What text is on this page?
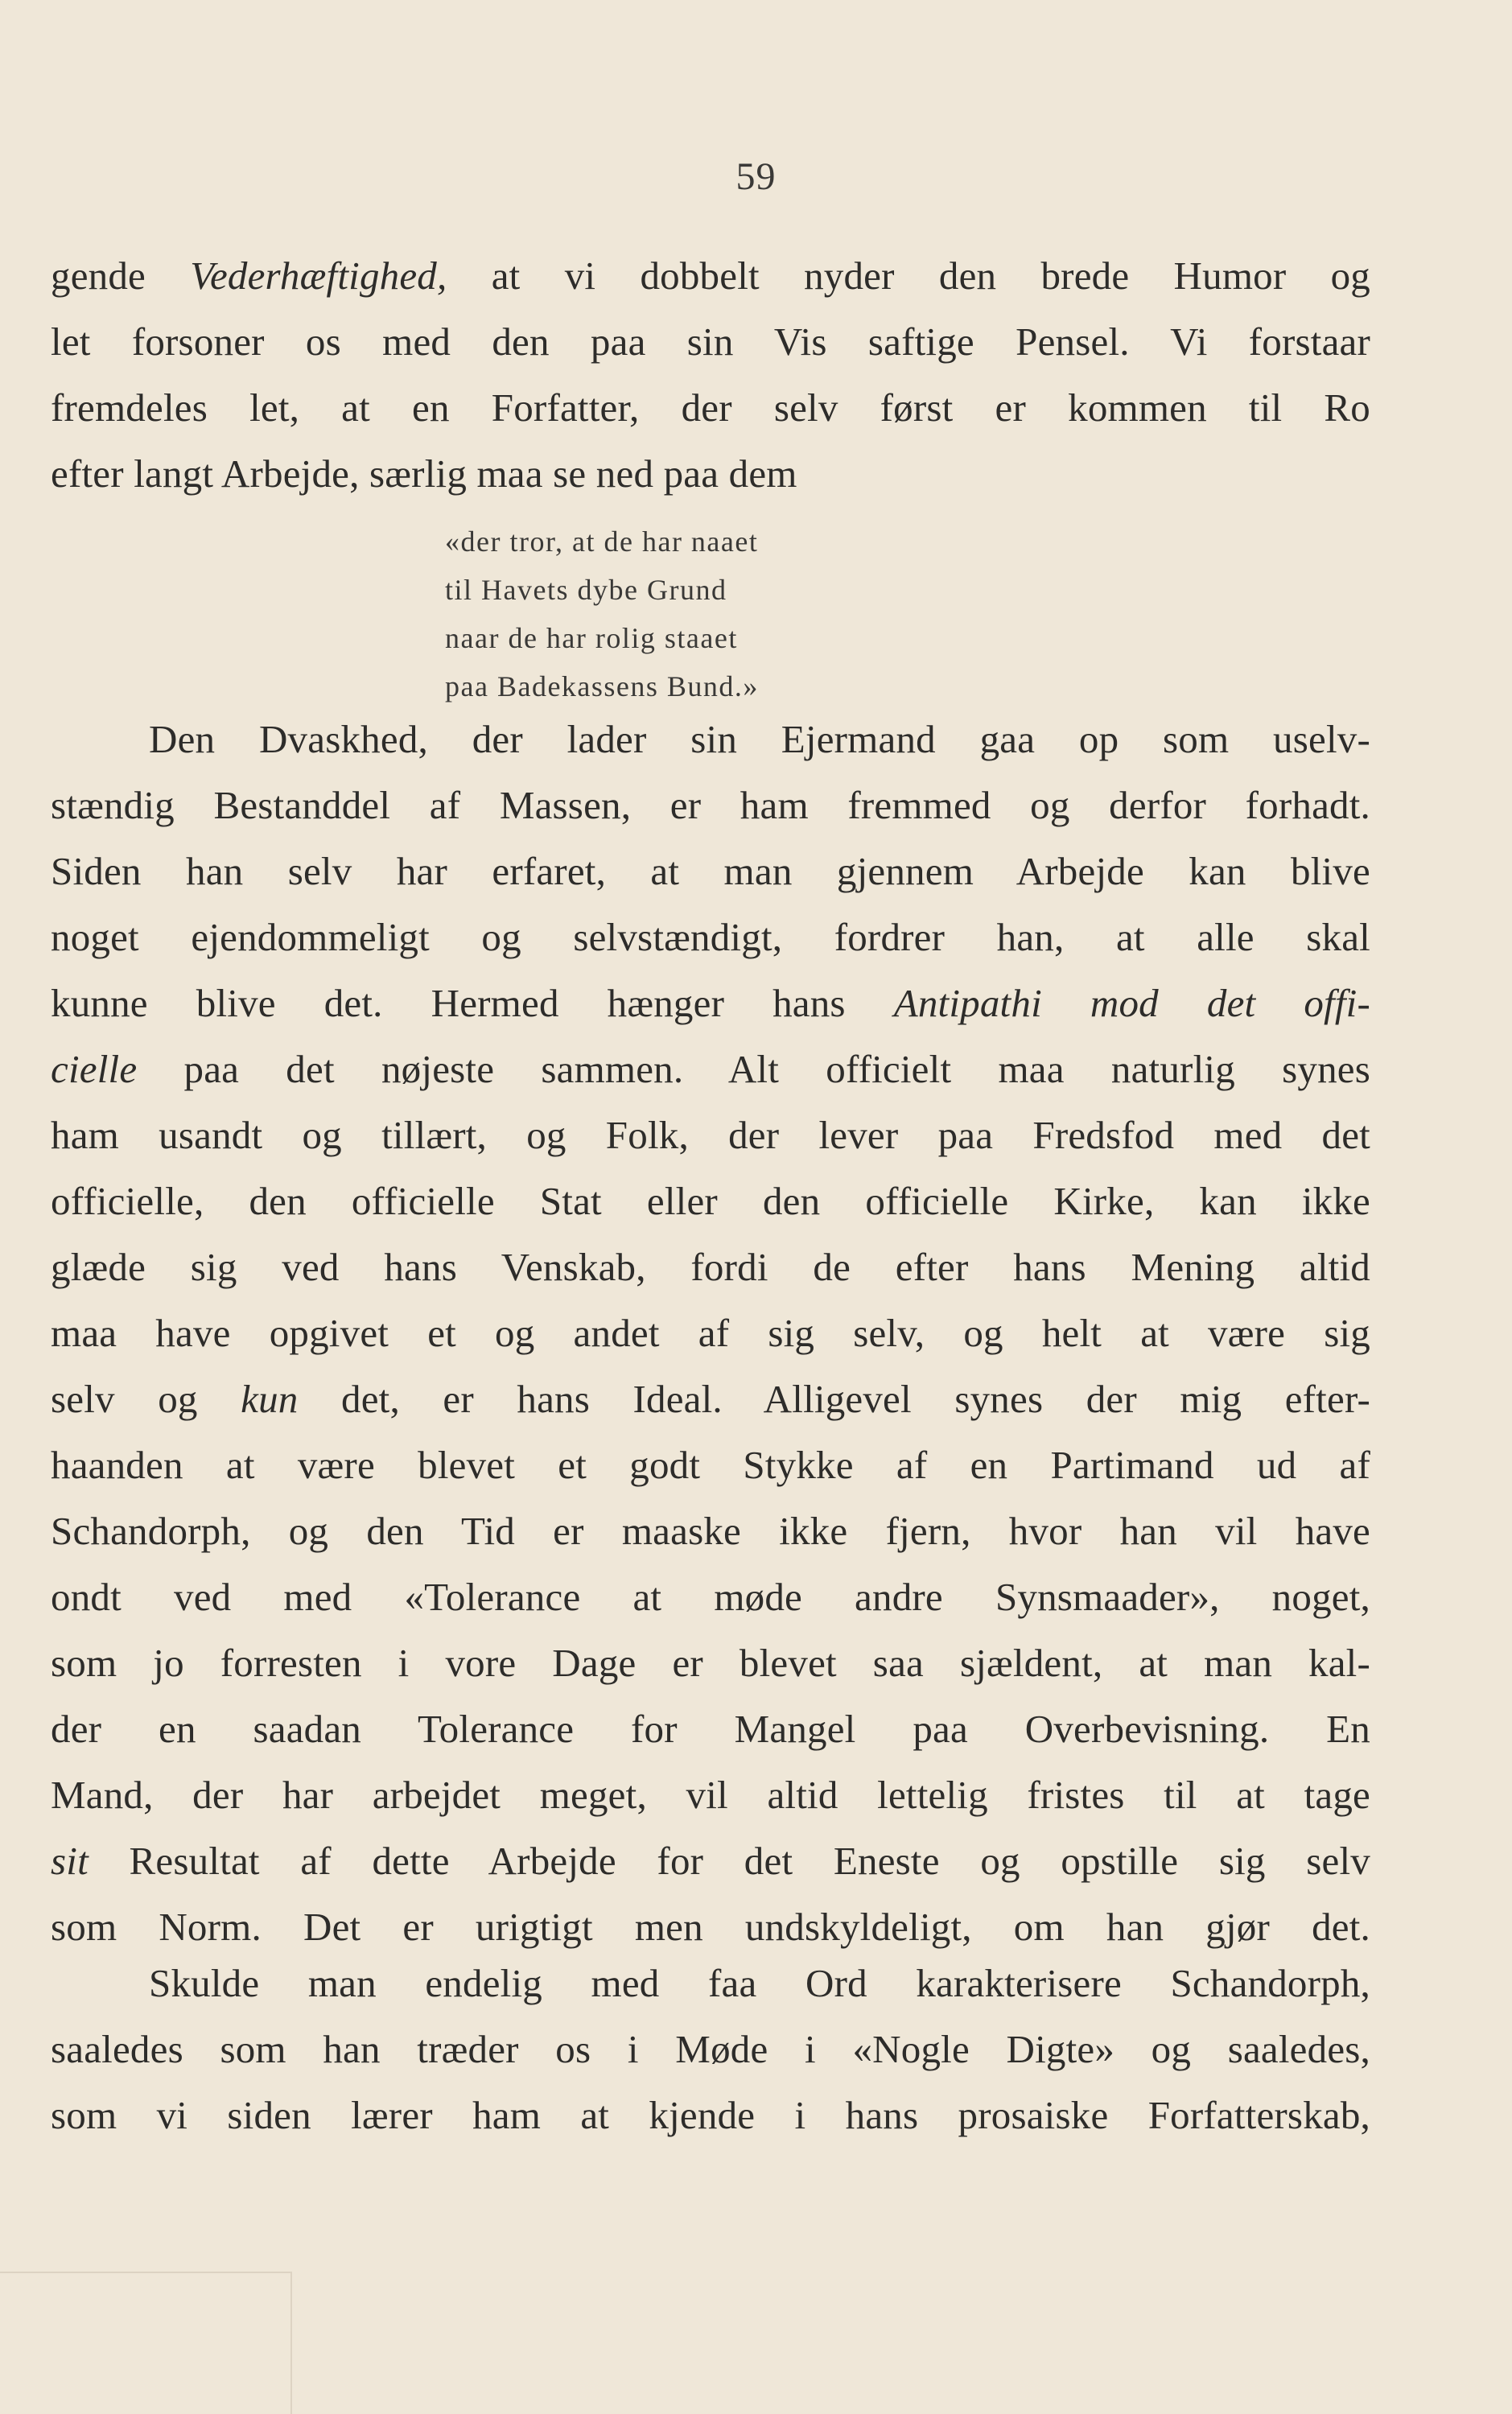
59
gende Vederhæftighed, at vi dobbelt nyder den brede Humor og
let forsoner os med den paa sin Vis saftige Pensel. Vi forstaar
fremdeles let, at en Forfatter, der selv først er kommen til Ro
efter langt Arbejde, særlig maa se ned paa dem
«der tror, at de har naaet
til Havets dybe Grund
naar de har rolig staaet
paa Badekassens Bund.»
Den Dvaskhed, der lader sin Ejermand gaa op som uselv-
stændig Bestanddel af Massen, er ham fremmed og derfor forhadt.
Siden han selv har erfaret, at man gjennem Arbejde kan blive
noget ejendommeligt og selvstændigt, fordrer han, at alle skal
kunne blive det. Hermed hænger hans Antipathi mod det offi-
cielle paa det nøjeste sammen. Alt officielt maa naturlig synes
ham usandt og tillært, og Folk, der lever paa Fredsfod med det
officielle, den officielle Stat eller den officielle Kirke, kan ikke
glæde sig ved hans Venskab, fordi de efter hans Mening altid
maa have opgivet et og andet af sig selv, og helt at være sig
selv og kun det, er hans Ideal. Alligevel synes der mig efter-
haanden at være blevet et godt Stykke af en Partimand ud af
Schandorph, og den Tid er maaske ikke fjern, hvor han vil have
ondt ved med «Tolerance at møde andre Synsmaader», noget,
som jo forresten i vore Dage er blevet saa sjældent, at man kal-
der en saadan Tolerance for Mangel paa Overbevisning. En
Mand, der har arbejdet meget, vil altid lettelig fristes til at tage
sit Resultat af dette Arbejde for det Eneste og opstille sig selv
som Norm. Det er urigtigt men undskyldeligt, om han gjør det.
Skulde man endelig med faa Ord karakterisere Schandorph,
saaledes som han træder os i Møde i «Nogle Digte» og saaledes,
som vi siden lærer ham at kjende i hans prosaiske Forfatterskab,
